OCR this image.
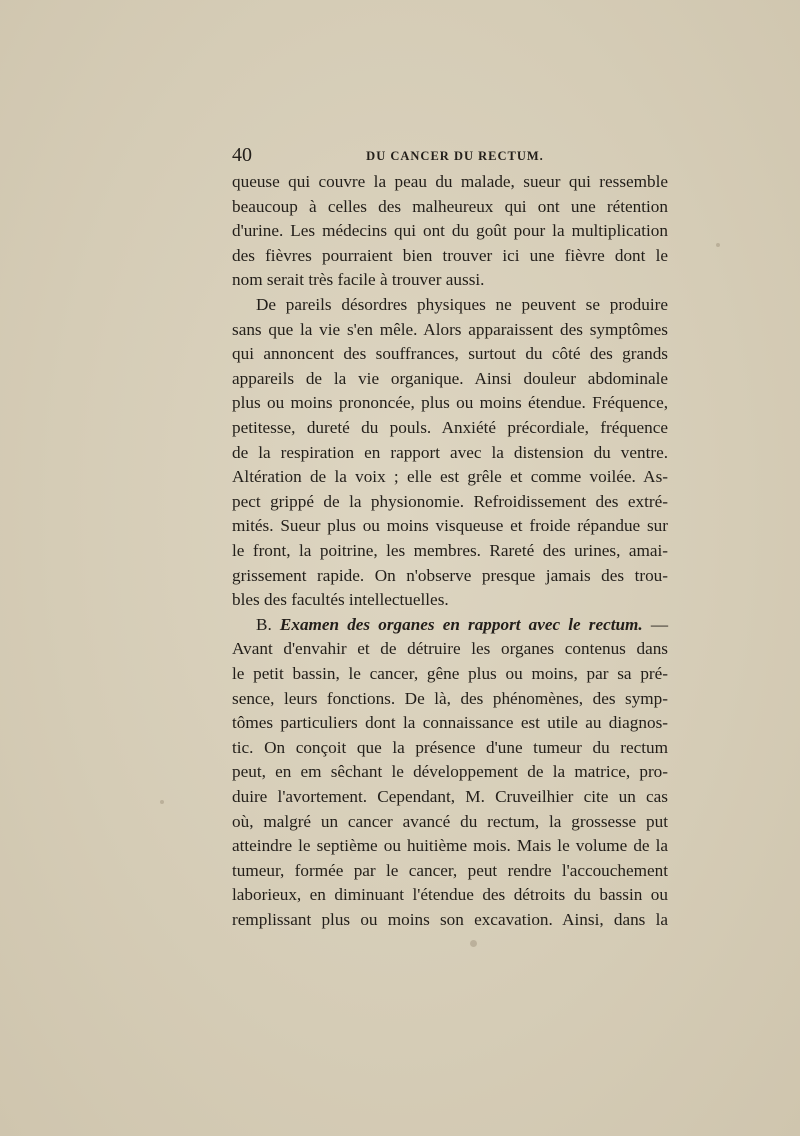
40	DU CANCER DU RECTUM.
queuse qui couvre la peau du malade, sueur qui ressemble
beaucoup à celles des malheureux qui ont une rétention
d'urine. Les médecins qui ont du goût pour la multiplication
des fièvres pourraient bien trouver ici une fièvre dont le
nom serait très facile à trouver aussi.
De pareils désordres physiques ne peuvent se produire
sans que la vie s'en mêle. Alors apparaissent des symptômes
qui annoncent des souffrances, surtout du côté des grands
appareils de la vie organique. Ainsi douleur abdominale
plus ou moins prononcée, plus ou moins étendue. Fréquence,
petitesse, dureté du pouls. Anxiété précordiale, fréquence
de la respiration en rapport avec la distension du ventre.
Altération de la voix ; elle est grêle et comme voilée. As-
pect grippé de la physionomie. Refroidissement des extré-
mités. Sueur plus ou moins visqueuse et froide répandue sur
le front, la poitrine, les membres. Rareté des urines, amai-
grissement rapide. On n'observe presque jamais des trou-
bles des facultés intellectuelles.
B. Examen des organes en rapport avec le rectum. —
Avant d'envahir et de détruire les organes contenus dans
le petit bassin, le cancer, gêne plus ou moins, par sa pré-
sence, leurs fonctions. De là, des phénomènes, des symp-
tômes particuliers dont la connaissance est utile au diagnos-
tic. On conçoit que la présence d'une tumeur du rectum
peut, en em sêchant le développement de la matrice, pro-
duire l'avortement. Cependant, M. Cruveilhier cite un cas
où, malgré un cancer avancé du rectum, la grossesse put
atteindre le septième ou huitième mois. Mais le volume de la
tumeur, formée par le cancer, peut rendre l'accouchement
laborieux, en diminuant l'étendue des détroits du bassin ou
remplissant plus ou moins son excavation. Ainsi, dans la
